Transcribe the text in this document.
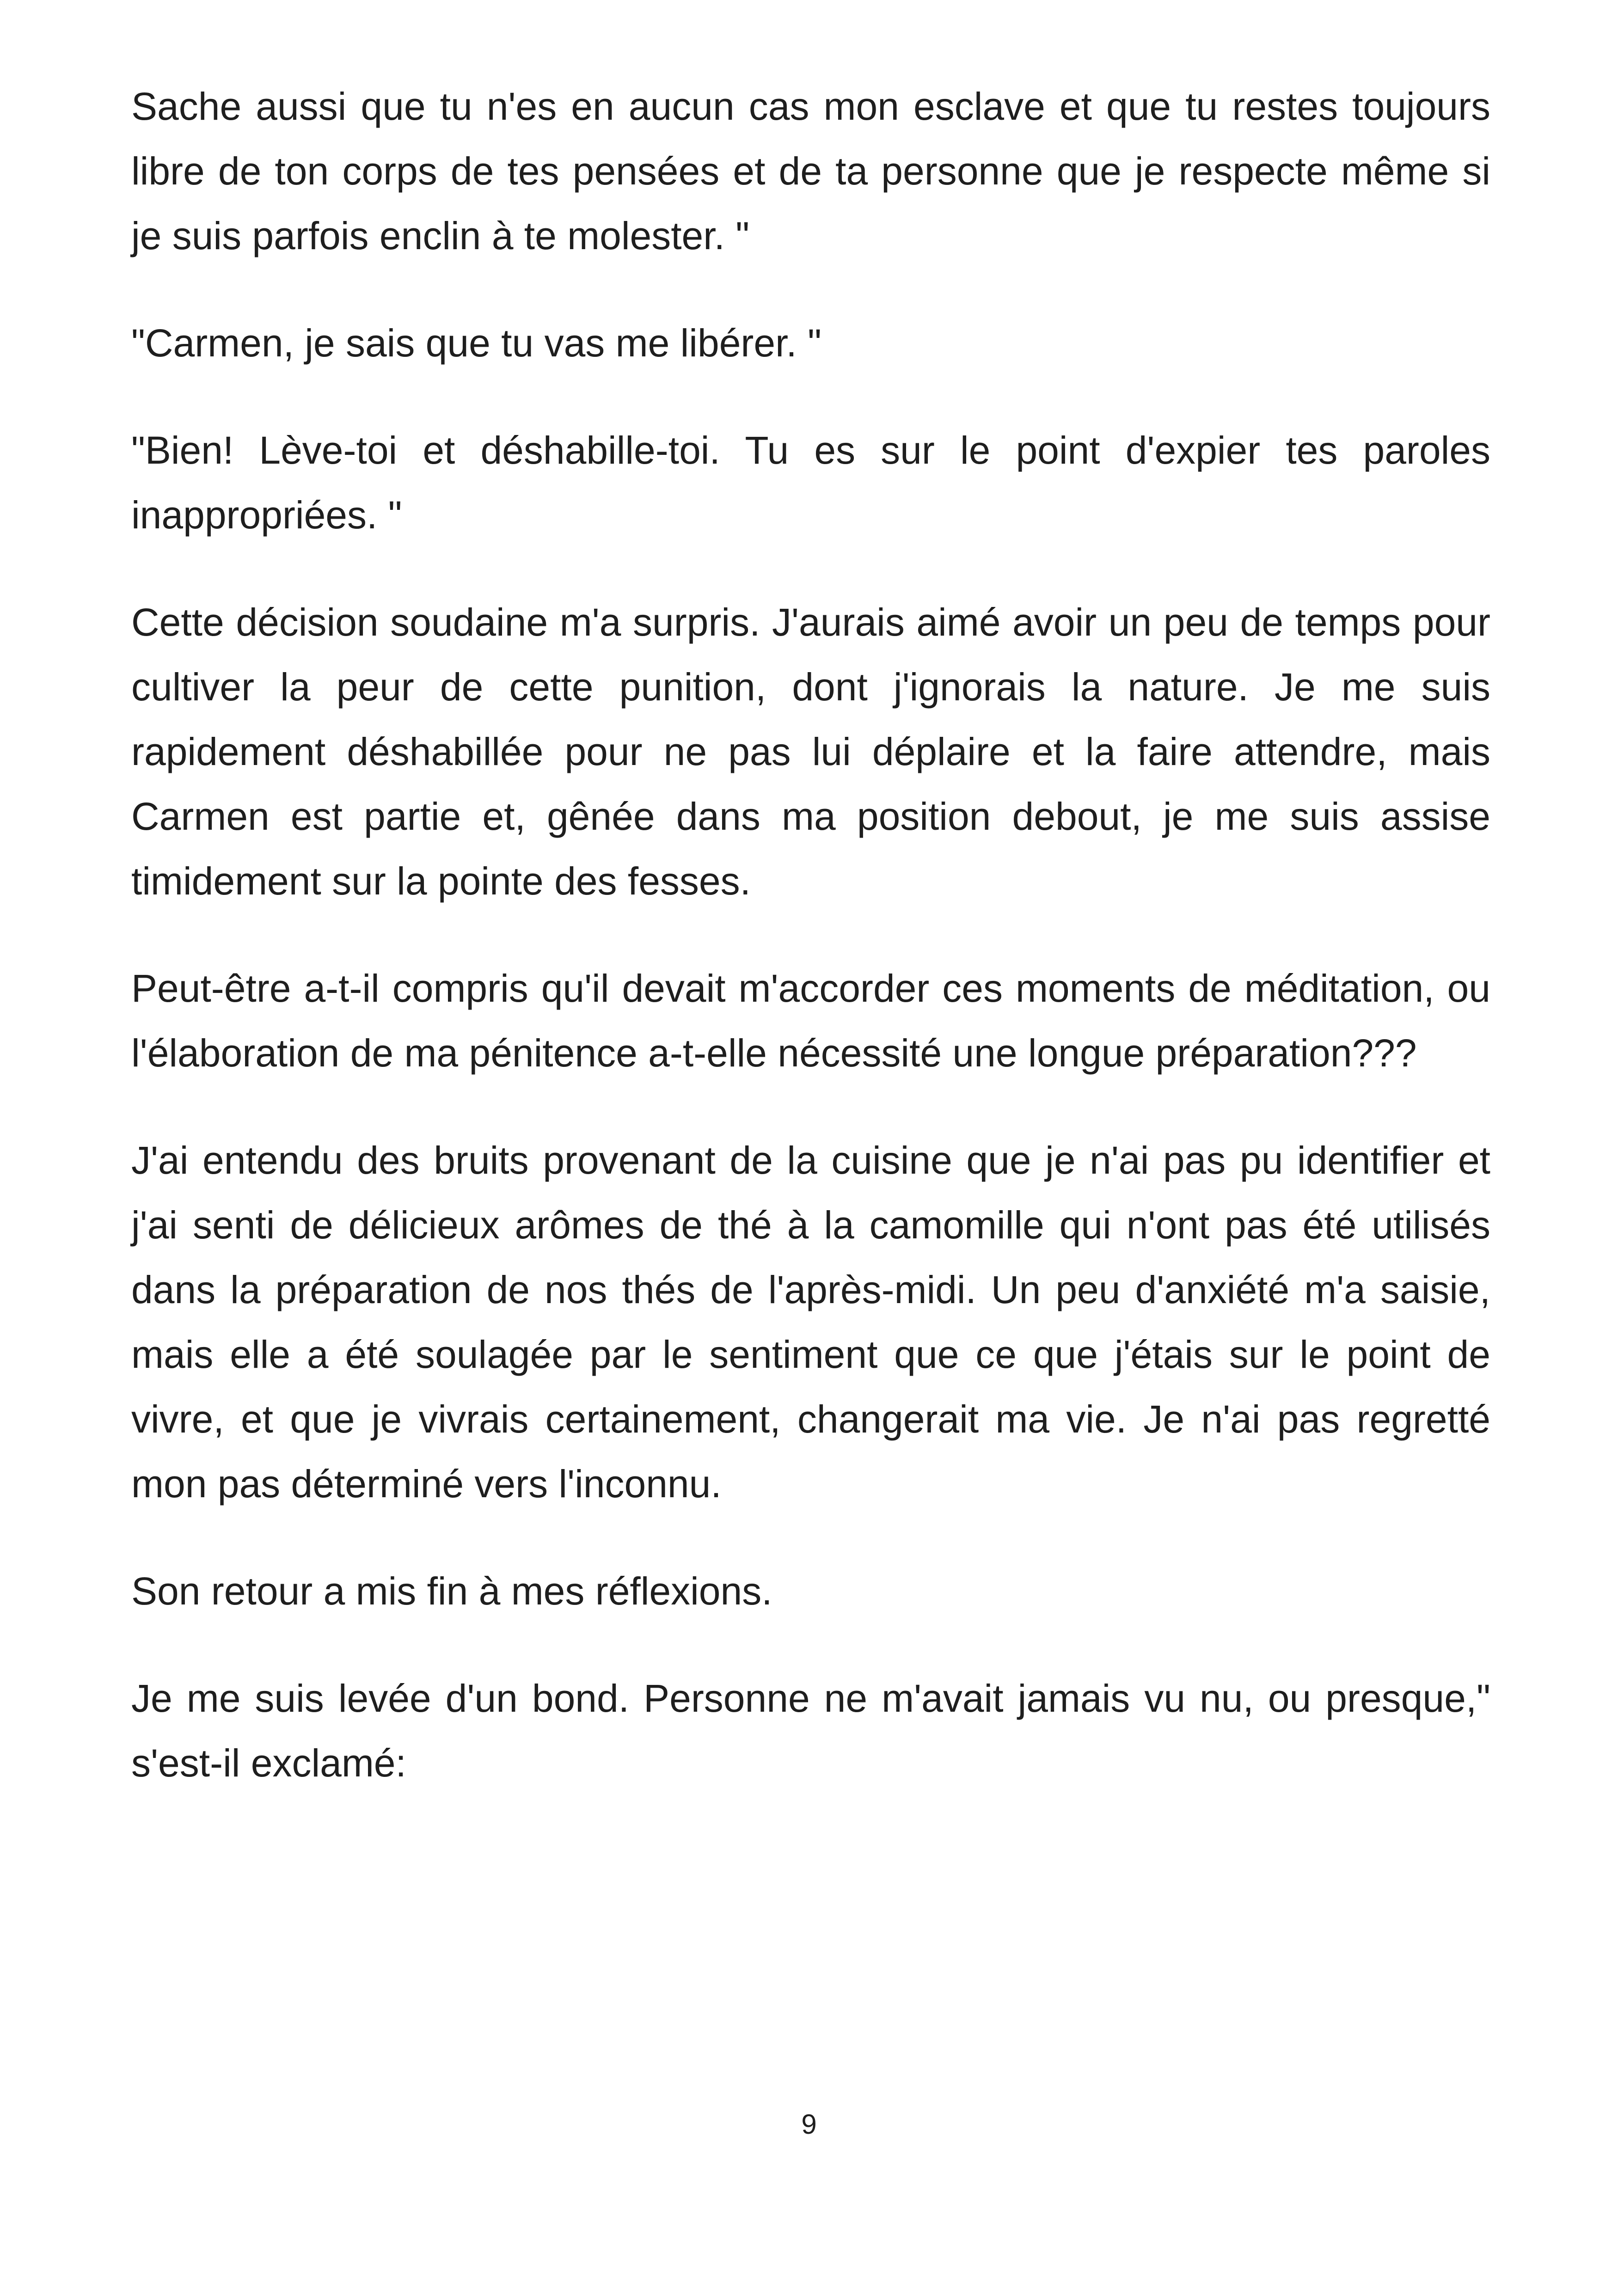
Sache aussi que tu n'es en aucun cas mon esclave et que tu restes toujours libre de ton corps de tes pensées et de ta personne que je respecte même si je suis parfois enclin à te molester. "

"Carmen, je sais que tu vas me libérer. "

"Bien! Lève-toi et déshabille-toi. Tu es sur le point d'expier tes paroles inappropriées. "

Cette décision soudaine m'a surpris. J'aurais aimé avoir un peu de temps pour cultiver la peur de cette punition, dont j'ignorais la nature. Je me suis rapidement déshabillée pour ne pas lui déplaire et la faire attendre, mais Carmen est partie et, gênée dans ma position debout, je me suis assise timidement sur la pointe des fesses.

Peut-être a-t-il compris qu'il devait m'accorder ces moments de méditation, ou l'élaboration de ma pénitence a-t-elle nécessité une longue préparation???

J'ai entendu des bruits provenant de la cuisine que je n'ai pas pu identifier et j'ai senti de délicieux arômes de thé à la camomille qui n'ont pas été utilisés dans la préparation de nos thés de l'après-midi. Un peu d'anxiété m'a saisie, mais elle a été soulagée par le sentiment que ce que j'étais sur le point de vivre, et que je vivrais certainement, changerait ma vie. Je n'ai pas regretté mon pas déterminé vers l'inconnu.

Son retour a mis fin à mes réflexions.

Je me suis levée d'un bond. Personne ne m'avait jamais vu nu, ou presque," s'est-il exclamé:

9
